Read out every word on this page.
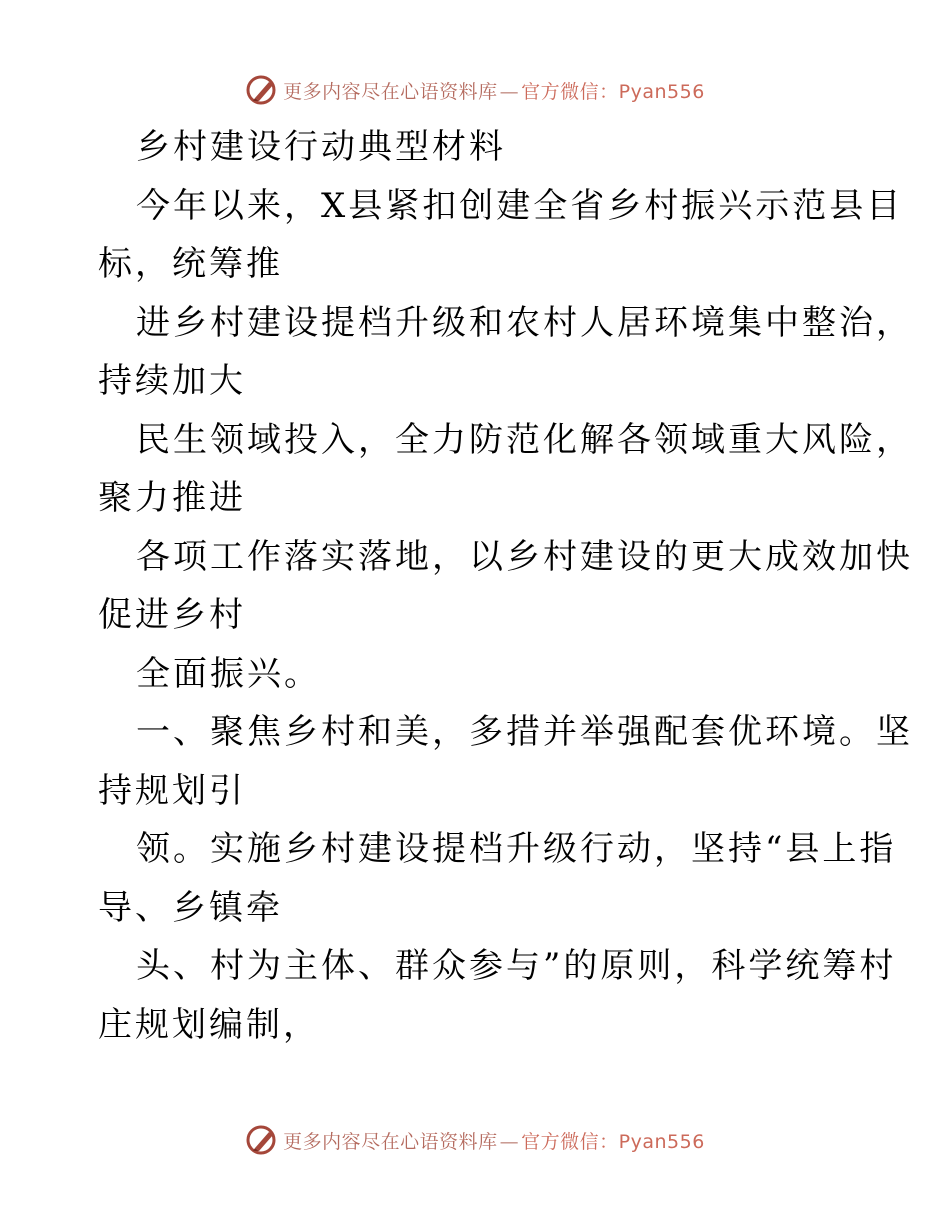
更多内容尽在心语资料库 — 官方微信：Pyan556
乡村建设行动典型材料
今年以来，X县紧扣创建全省乡村振兴示范县目
标，统筹推
进乡村建设提档升级和农村人居环境集中整治，
持续加大
民生领域投入，全力防范化解各领域重大风险，
聚力推进
各项工作落实落地，以乡村建设的更大成效加快
促进乡村
全面振兴。
一、聚焦乡村和美，多措并举强配套优环境。坚
持规划引
领。实施乡村建设提档升级行动，坚持“县上指
导、乡镇牵
头、村为主体、群众参与”的原则，科学统筹村
庄规划编制，
更多内容尽在心语资料库 — 官方微信：Pyan556
